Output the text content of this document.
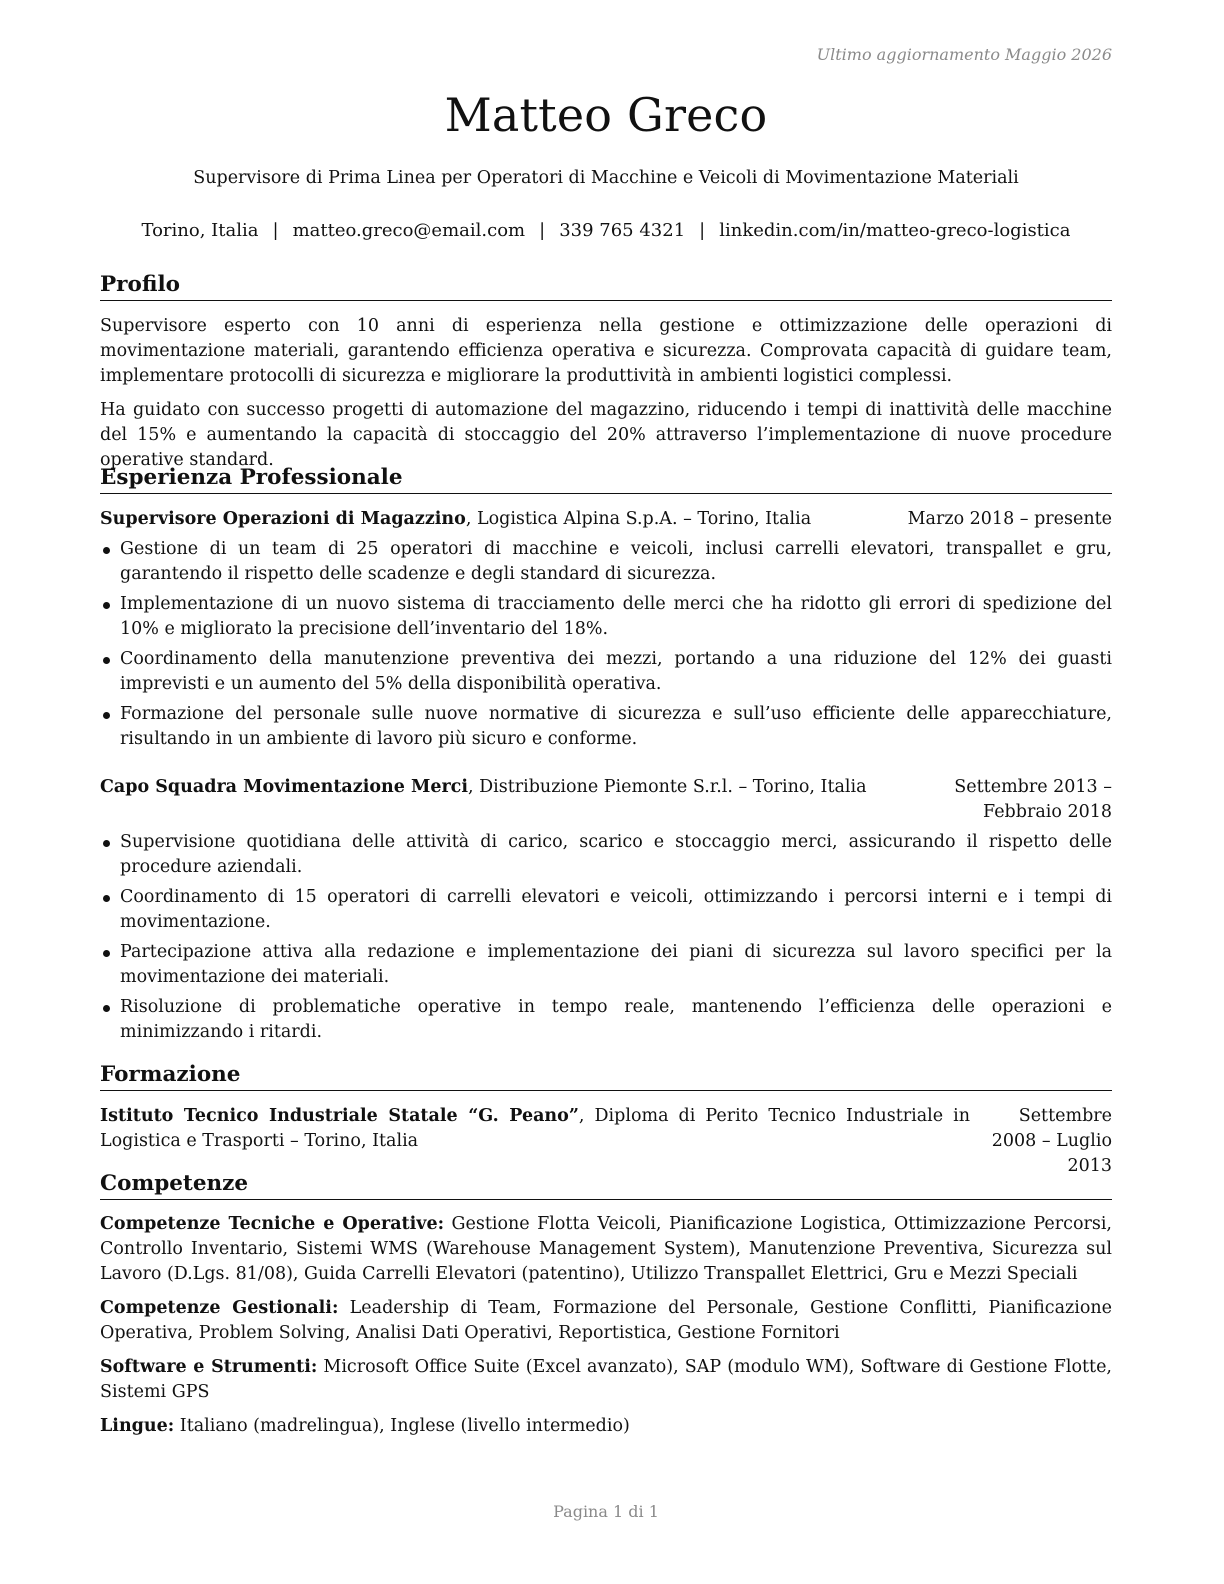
Ultimo aggiornamento Maggio 2026

Matteo Greco

Supervisore di Prima Linea per Operatori di Macchine e Veicoli di Movimentazione Materiali

Torino, Italia | matteo.greco@email.com | 339 765 4321 | linkedin.com/in/matteo-greco-logistica

Profilo

Supervisore esperto con 10 anni di esperienza nella gestione e ottimizzazione delle operazioni di movimentazione materiali, garantendo efficienza operativa e sicurezza. Comprovata capacità di guidare team, implementare protocolli di sicurezza e migliorare la produttività in ambienti logistici complessi.

Ha guidato con successo progetti di automazione del magazzino, riducendo i tempi di inattività delle macchine del 15% e aumentando la capacità di stoccaggio del 20% attraverso l’implementazione di nuove procedure operative standard.

Esperienza Professionale
Supervisore Operazioni di Magazzino, Logistica Alpina S.p.A. – Torino, Italia	Marzo 2018 – presente
Gestione di un team di 25 operatori di macchine e veicoli, inclusi carrelli elevatori, transpallet e gru, garantendo il rispetto delle scadenze e degli standard di sicurezza.
Implementazione di un nuovo sistema di tracciamento delle merci che ha ridotto gli errori di spedizione del 10% e migliorato la precisione dell’inventario del 18%.
Coordinamento della manutenzione preventiva dei mezzi, portando a una riduzione del 12% dei guasti imprevisti e un aumento del 5% della disponibilità operativa.
Formazione del personale sulle nuove normative di sicurezza e sull’uso efficiente delle apparecchiature, risultando in un ambiente di lavoro più sicuro e conforme.
Capo Squadra Movimentazione Merci, Distribuzione Piemonte S.r.l. – Torino, Italia	Settembre 2013 – Febbraio 2018
Supervisione quotidiana delle attività di carico, scarico e stoccaggio merci, assicurando il rispetto delle procedure aziendali.
Coordinamento di 15 operatori di carrelli elevatori e veicoli, ottimizzando i percorsi interni e i tempi di movimentazione.
Partecipazione attiva alla redazione e implementazione dei piani di sicurezza sul lavoro specifici per la movimentazione dei materiali.
Risoluzione di problematiche operative in tempo reale, mantenendo l’efficienza delle operazioni e minimizzando i ritardi.
Formazione
Istituto Tecnico Industriale Statale “G. Peano”, Diploma di Perito Tecnico Industriale in Logistica e Trasporti – Torino, Italia
Settembre 2008 – Luglio 2013
Competenze

Competenze Tecniche e Operative: Gestione Flotta Veicoli, Pianificazione Logistica, Ottimizzazione Percorsi, Controllo Inventario, Sistemi WMS (Warehouse Management System), Manutenzione Preventiva, Sicurezza sul Lavoro (D.Lgs. 81/08), Guida Carrelli Elevatori (patentino), Utilizzo Transpallet Elettrici, Gru e Mezzi Speciali

Competenze Gestionali: Leadership di Team, Formazione del Personale, Gestione Conflitti, Pianificazione Operativa, Problem Solving, Analisi Dati Operativi, Reportistica, Gestione Fornitori

Software e Strumenti: Microsoft Office Suite (Excel avanzato), SAP (modulo WM), Software di Gestione Flotte, Sistemi GPS

Lingue: Italiano (madrelingua), Inglese (livello intermedio)

Pagina 1 di 1
